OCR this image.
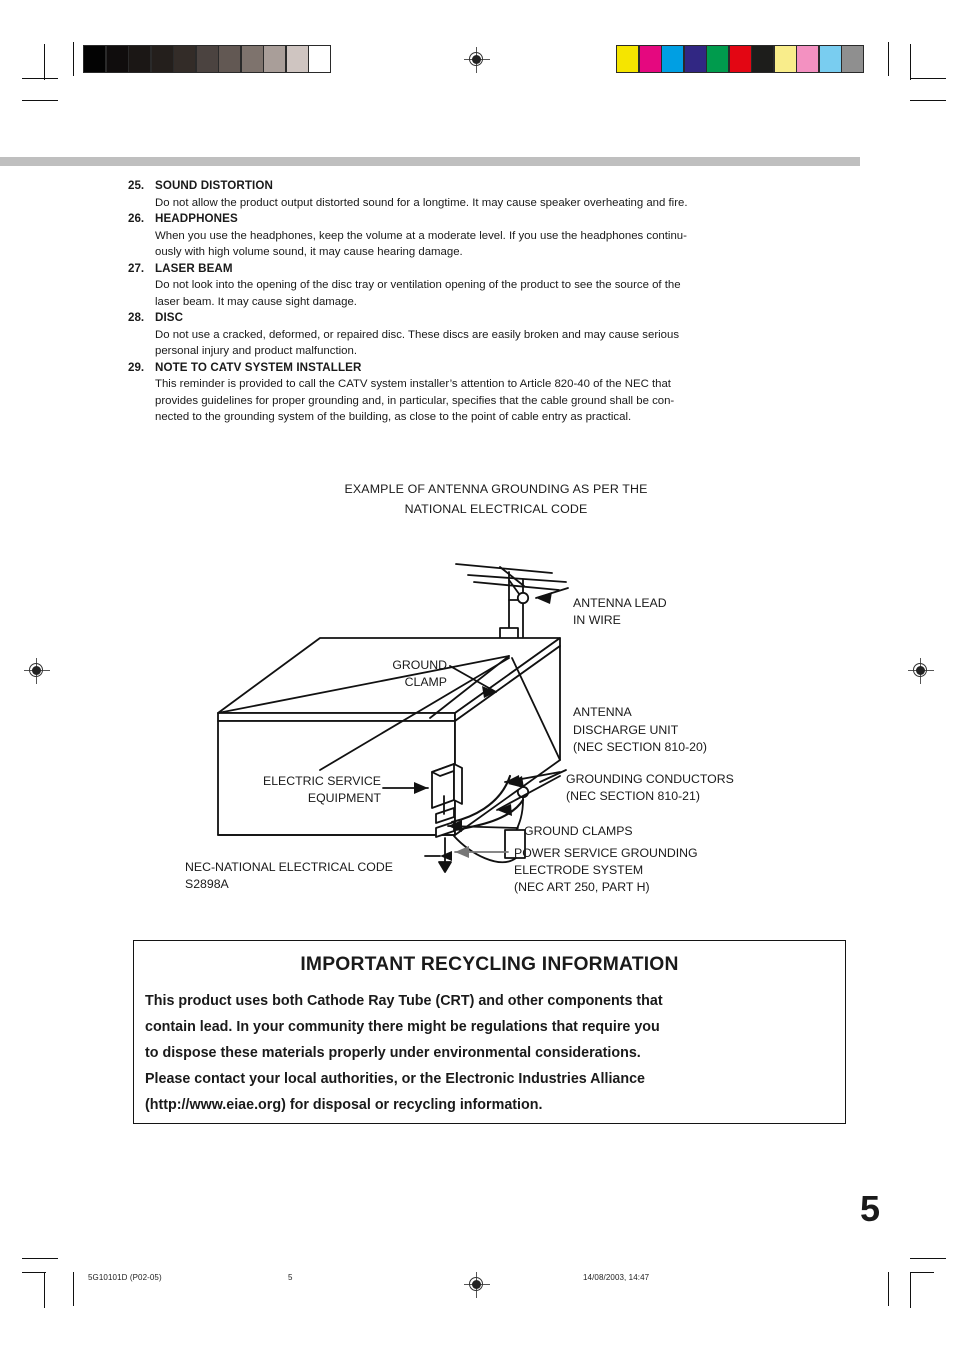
25. SOUND DISTORTION
Do not allow the product output distorted sound for a longtime. It may cause speaker overheating and fire.
26. HEADPHONES
When you use the headphones, keep the volume at a moderate level. If you use the headphones continu-
ously with high volume sound, it may cause hearing damage.
27. LASER BEAM
Do not look into the opening of the disc tray or ventilation opening of the product to see the source of the
laser beam. It may cause sight damage.
28. DISC
Do not use a cracked, deformed, or repaired disc. These discs are easily broken and may cause serious
personal injury and product malfunction.
29. NOTE TO CATV SYSTEM INSTALLER
This reminder is provided to call the CATV system installer’s attention to Article 820-40 of the NEC that
provides guidelines for proper grounding and, in particular, specifies that the cable ground shall be con-
nected to the grounding system of the building, as close to the point of cable entry as practical.
EXAMPLE OF ANTENNA GROUNDING AS PER THE
NATIONAL ELECTRICAL CODE
ANTENNA LEAD
IN WIRE
GROUND
CLAMP
ANTENNA
DISCHARGE UNIT
(NEC SECTION 810-20)
ELECTRIC SERVICE
EQUIPMENT
GROUNDING CONDUCTORS
(NEC SECTION 810-21)
GROUND CLAMPS
POWER SERVICE GROUNDING
ELECTRODE SYSTEM
(NEC ART 250, PART H)
NEC-NATIONAL ELECTRICAL CODE
S2898A
IMPORTANT RECYCLING INFORMATION
This product uses both Cathode Ray Tube (CRT) and other components that
contain lead. In your community there might be regulations that require you
to dispose these materials properly under environmental considerations.
Please contact your local authorities, or the Electronic Industries Alliance
(http://www.eiae.org) for disposal or recycling information.
5
5G10101D (P02-05)	5	14/08/2003, 14:47
